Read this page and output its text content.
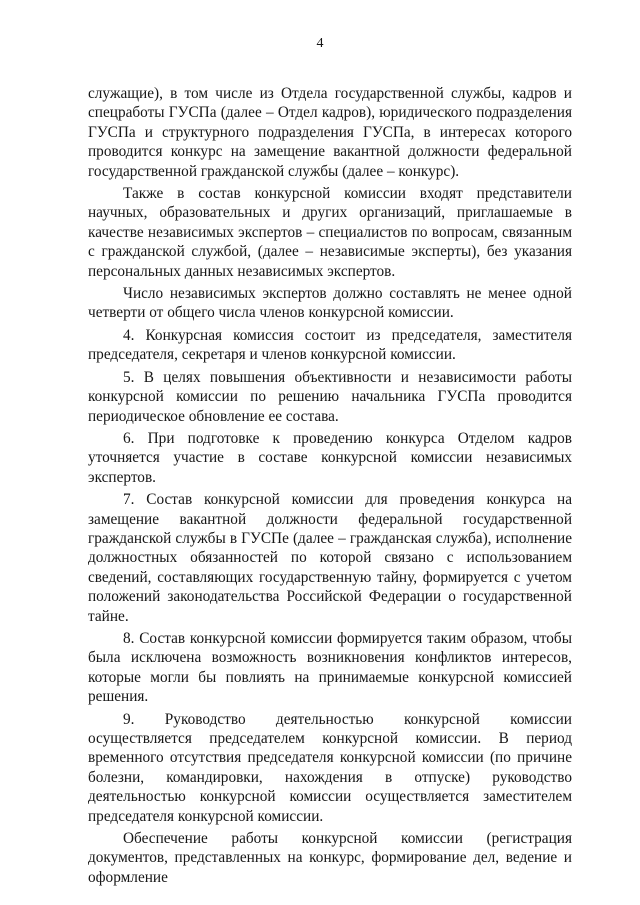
4

служащие), в том числе из Отдела государственной службы, кадров и спецработы ГУСПа (далее – Отдел кадров), юридического подразделения ГУСПа и структурного подразделения ГУСПа, в интересах которого проводится конкурс на замещение вакантной должности федеральной государственной гражданской службы (далее – конкурс).

Также в состав конкурсной комиссии входят представители научных, образовательных и других организаций, приглашаемые в качестве независимых экспертов – специалистов по вопросам, связанным с гражданской службой, (далее – независимые эксперты), без указания персональных данных независимых экспертов.

Число независимых экспертов должно составлять не менее одной четверти от общего числа членов конкурсной комиссии.

4. Конкурсная комиссия состоит из председателя, заместителя председателя, секретаря и членов конкурсной комиссии.

5. В целях повышения объективности и независимости работы конкурсной комиссии по решению начальника ГУСПа проводится периодическое обновление ее состава.

6. При подготовке к проведению конкурса Отделом кадров уточняется участие в составе конкурсной комиссии независимых экспертов.

7. Состав конкурсной комиссии для проведения конкурса на замещение вакантной должности федеральной государственной гражданской службы в ГУСПе (далее – гражданская служба), исполнение должностных обязанностей по которой связано с использованием сведений, составляющих государственную тайну, формируется с учетом положений законодательства Российской Федерации о государственной тайне.

8. Состав конкурсной комиссии формируется таким образом, чтобы была исключена возможность возникновения конфликтов интересов, которые могли бы повлиять на принимаемые конкурсной комиссией решения.

9. Руководство деятельностью конкурсной комиссии осуществляется председателем конкурсной комиссии. В период временного отсутствия председателя конкурсной комиссии (по причине болезни, командировки, нахождения в отпуске) руководство деятельностью конкурсной комиссии осуществляется заместителем председателя конкурсной комиссии.

Обеспечение работы конкурсной комиссии (регистрация документов, представленных на конкурс, формирование дел, ведение и оформление
